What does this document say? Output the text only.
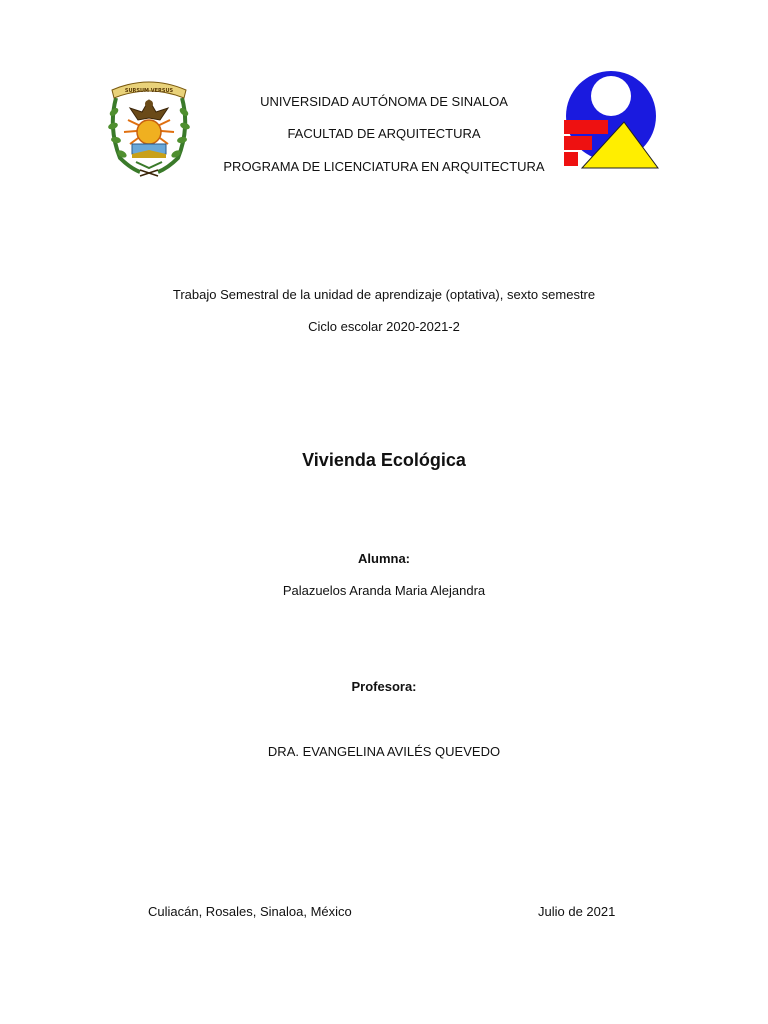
SURSUM VERSUS
UNIVERSIDAD AUTÓNOMA DE SINALOA
FACULTAD DE ARQUITECTURA
PROGRAMA DE LICENCIATURA EN ARQUITECTURA
Trabajo Semestral de la unidad de aprendizaje (optativa), sexto semestre
Ciclo escolar 2020-2021-2
Vivienda Ecológica
Alumna:
Palazuelos Aranda Maria Alejandra
Profesora:
DRA. EVANGELINA AVILÉS QUEVEDO
Culiacán, Rosales, Sinaloa, México	Julio de 2021
